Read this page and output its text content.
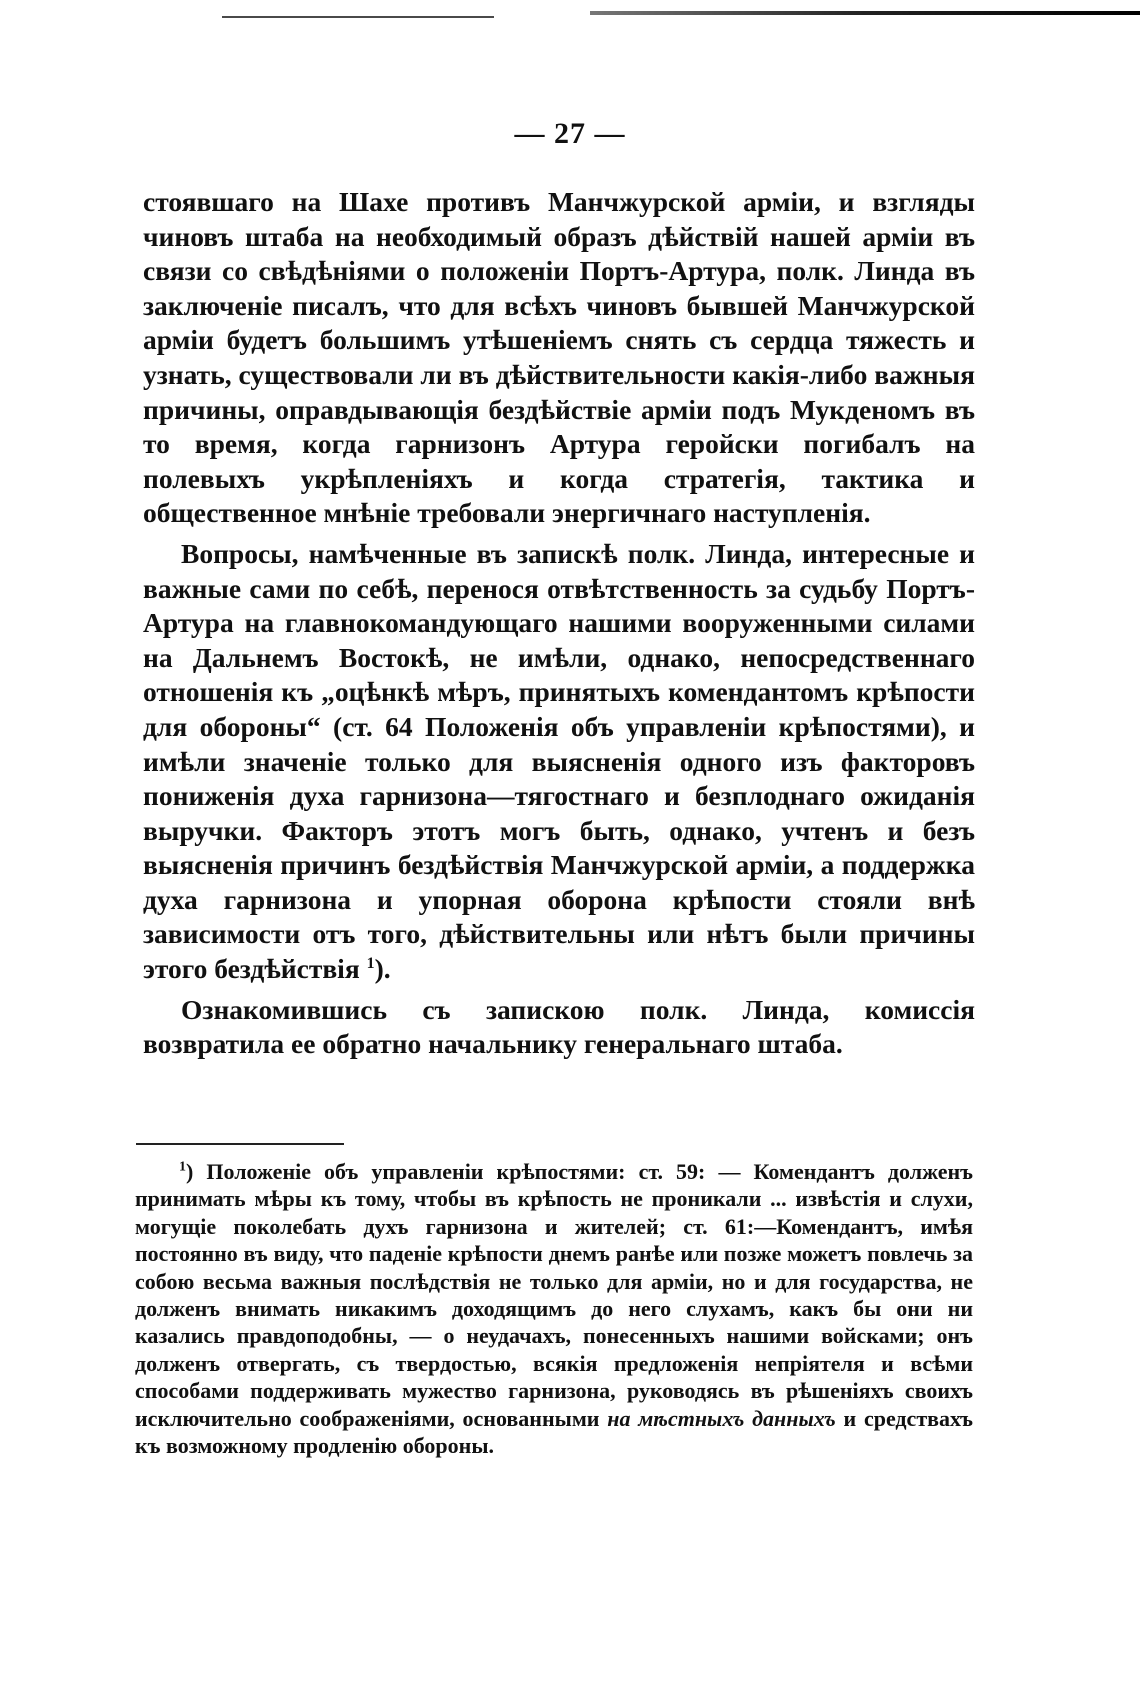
— 27 —

стоявшаго на Шахе противъ Манчжурской арміи, и взгляды чиновъ штаба на необходимый образъ дѣйствій нашей арміи въ связи со свѣдѣніями о положеніи Портъ-Артура, полк. Линда въ заключеніе писалъ, что для всѣхъ чиновъ бывшей Манчжурской арміи будетъ большимъ утѣшеніемъ снять съ сердца тяжесть и узнать, существовали ли въ дѣйствительности какія-либо важныя причины, оправдывающія бездѣйствіе арміи подъ Мукденомъ въ то время, когда гарнизонъ Артура геройски погибалъ на полевыхъ укрѣпленіяхъ и когда стратегія, тактика и общественное мнѣніе требовали энергичнаго наступленія.

Вопросы, намѣченные въ запискѣ полк. Линда, интересные и важные сами по себѣ, перенося отвѣтственность за судьбу Портъ-Артура на главнокомандующаго нашими вооруженными силами на Дальнемъ Востокѣ, не имѣли, однако, непосредственнаго отношенія къ „оцѣнкѣ мѣръ, принятыхъ комендантомъ крѣпости для обороны“ (ст. 64 Положенія объ управленіи крѣпостями), и имѣли значеніе только для выясненія одного изъ факторовъ пониженія духа гарнизона—тягостнаго и безплоднаго ожиданія выручки. Факторъ этотъ могъ быть, однако, учтенъ и безъ выясненія причинъ бездѣйствія Манчжурской арміи, а поддержка духа гарнизона и упорная оборона крѣпости стояли внѣ зависимости отъ того, дѣйствительны или нѣтъ были причины этого бездѣйствія $^1$).

Ознакомившись съ запискою полк. Линда, комиссія возвратила ее обратно начальнику генеральнаго штаба.

$^1$) Положеніе объ управленіи крѣпостями: ст. 59: — Комендантъ долженъ принимать мѣры къ тому, чтобы въ крѣпость не проникали ... извѣстія и слухи, могущіе поколебать духъ гарнизона и жителей; ст. 61:—Комендантъ, имѣя постоянно въ виду, что паденіе крѣпости днемъ ранѣе или позже можетъ повлечь за собою весьма важныя послѣдствія не только для арміи, но и для государства, не долженъ внимать никакимъ доходящимъ до него слухамъ, какъ бы они ни казались правдоподобны, — о неудачахъ, понесенныхъ нашими войсками; онъ долженъ отвергать, съ твердостью, всякія предложенія непріятеля и всѣми способами поддерживать мужество гарнизона, руководясь въ рѣшеніяхъ своихъ исключительно соображеніями, основанными на мѣстныхъ данныхъ и средствахъ къ возможному продленію обороны.
